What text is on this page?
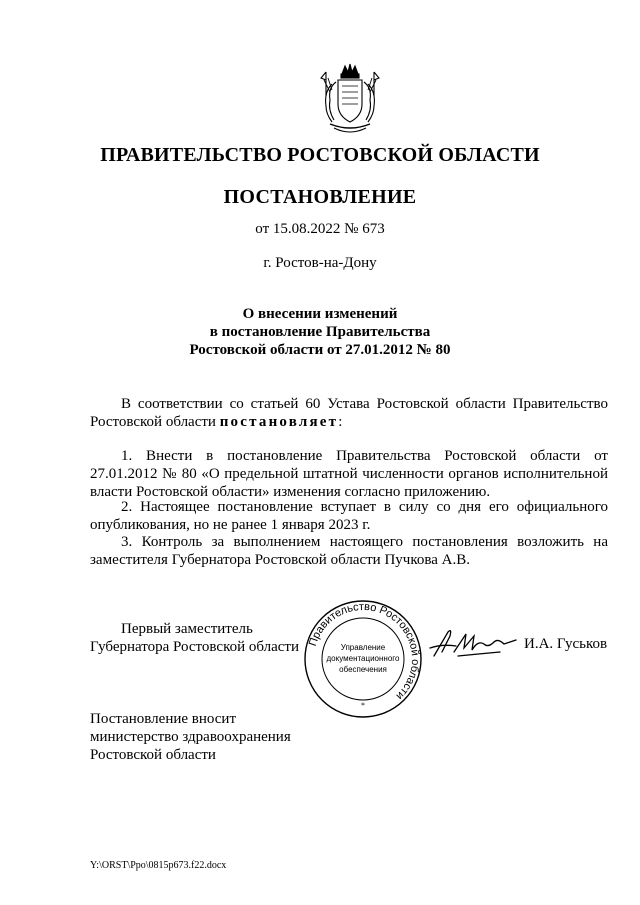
ПРАВИТЕЛЬСТВО РОСТОВСКОЙ ОБЛАСТИ
ПОСТАНОВЛЕНИЕ
от 15.08.2022 № 673
г. Ростов-на-Дону
О внесении изменений
в постановление Правительства
Ростовской области от 27.01.2012 № 80
В соответствии со статьей 60 Устава Ростовской области Правительство Ростовской области постановляет:
1. Внести в постановление Правительства Ростовской области от 27.01.2012 № 80 «О предельной штатной численности органов исполнительной власти Ростовской области» изменения согласно приложению.
2. Настоящее постановление вступает в силу со дня его официального опубликования, но не ранее 1 января 2023 г.
3. Контроль за выполнением настоящего постановления возложить на заместителя Губернатора Ростовской области Пучкова А.В.
Первый заместитель
Губернатора Ростовской области Правительство Ростовской области
Управление
документационного
обеспечения
*
И.А. Гуськов
Постановление вносит
министерство здравоохранения
Ростовской области
Y:\ORST\Ppo\0815p673.f22.docx
